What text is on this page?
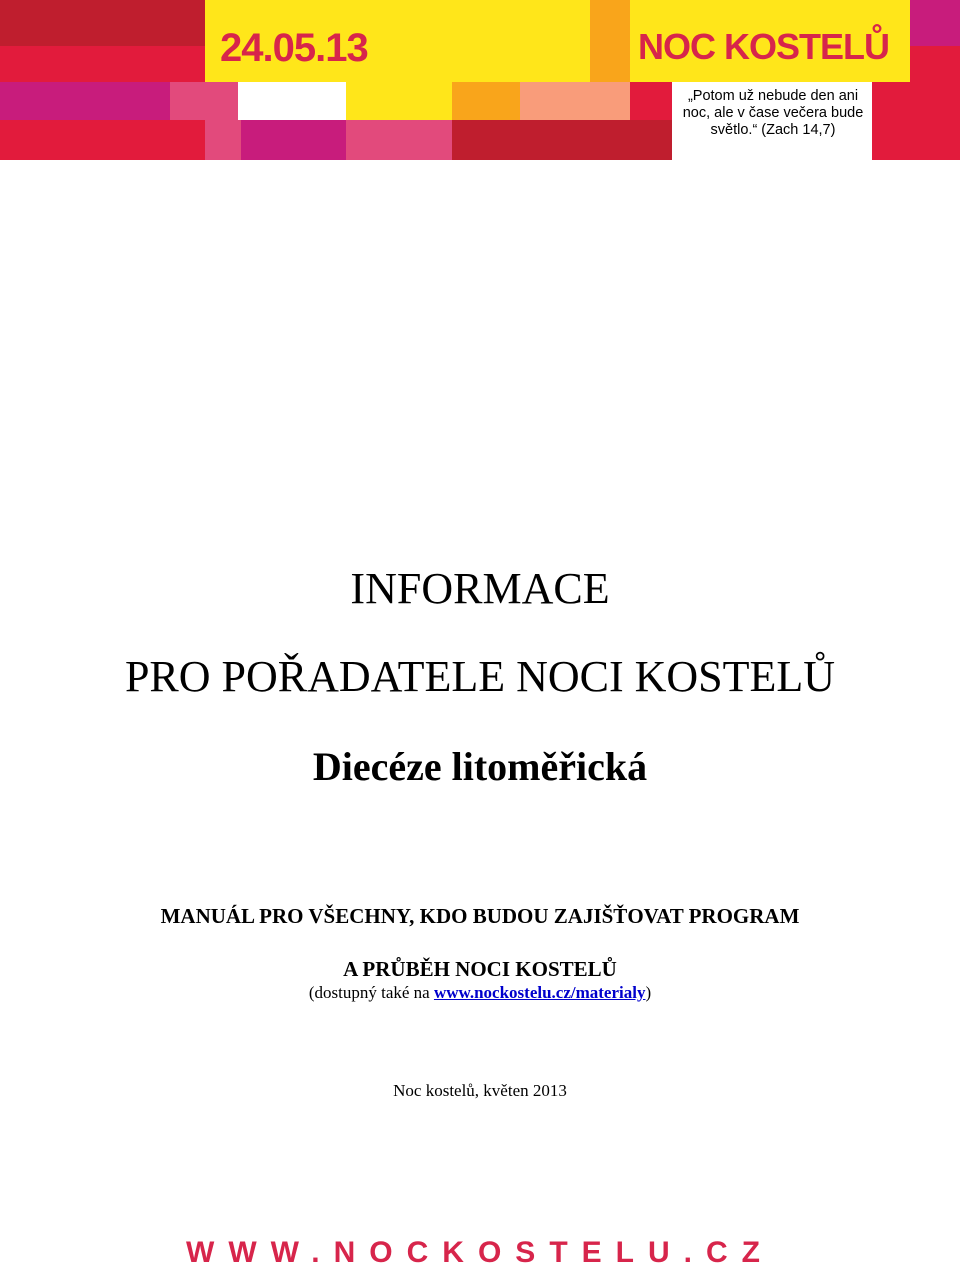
24.05.13	NOC KOSTELŮ
„Potom už nebude den ani
noc, ale v čase večera bude
světlo.“ (Zach 14,7)
INFORMACE
PRO POŘADATELE NOCI KOSTELŮ
Diecéze litoměřická
MANUÁL PRO VŠECHNY, KDO BUDOU ZAJIŠŤOVAT PROGRAM
A PRŮBĚH NOCI KOSTELŮ
(dostupný také na www.nockostelu.cz/materialy)
Noc kostelů, květen 2013
WWW.NOCKOSTELU.CZ
